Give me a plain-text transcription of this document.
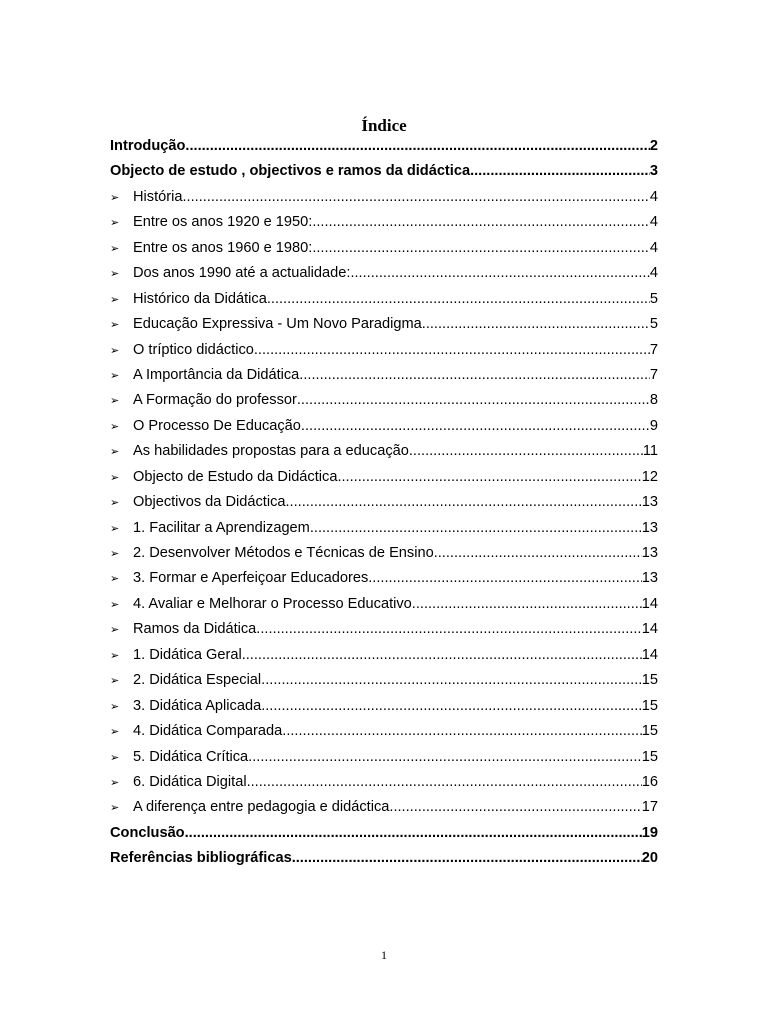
Índice
Introdução .....	2
Objecto de estudo , objectivos e ramos da didáctica .....	3
➢ História .....	4
➢ Entre os anos 1920 e 1950: .....	4
➢ Entre os anos 1960 e 1980: .....	4
➢ Dos anos 1990 até a actualidade: .....	4
➢ Histórico da Didática .....	5
➢ Educação Expressiva - Um Novo Paradigma .....	5
➢ O tríptico didáctico .....	7
➢ A Importância da Didática .....	7
➢ A Formação do professor .....	8
➢ O Processo De Educação .....	9
➢ As habilidades propostas para a educação .....	11
➢ Objecto de Estudo da Didáctica .....	12
➢ Objectivos da Didáctica .....	13
➢ 1. Facilitar a Aprendizagem .....	13
➢ 2. Desenvolver Métodos e Técnicas de Ensino .....	13
➢ 3. Formar e Aperfeiçoar Educadores .....	13
➢ 4. Avaliar e Melhorar o Processo Educativo .....	14
➢ Ramos da Didática .....	14
➢ 1. Didática Geral .....	14
➢ 2. Didática Especial .....	15
➢ 3. Didática Aplicada .....	15
➢ 4. Didática Comparada .....	15
➢ 5. Didática Crítica .....	15
➢ 6. Didática Digital .....	16
➢ A diferença entre pedagogia e didáctica .....	17
Conclusão .....	19
Referências bibliográficas .....	20
1
